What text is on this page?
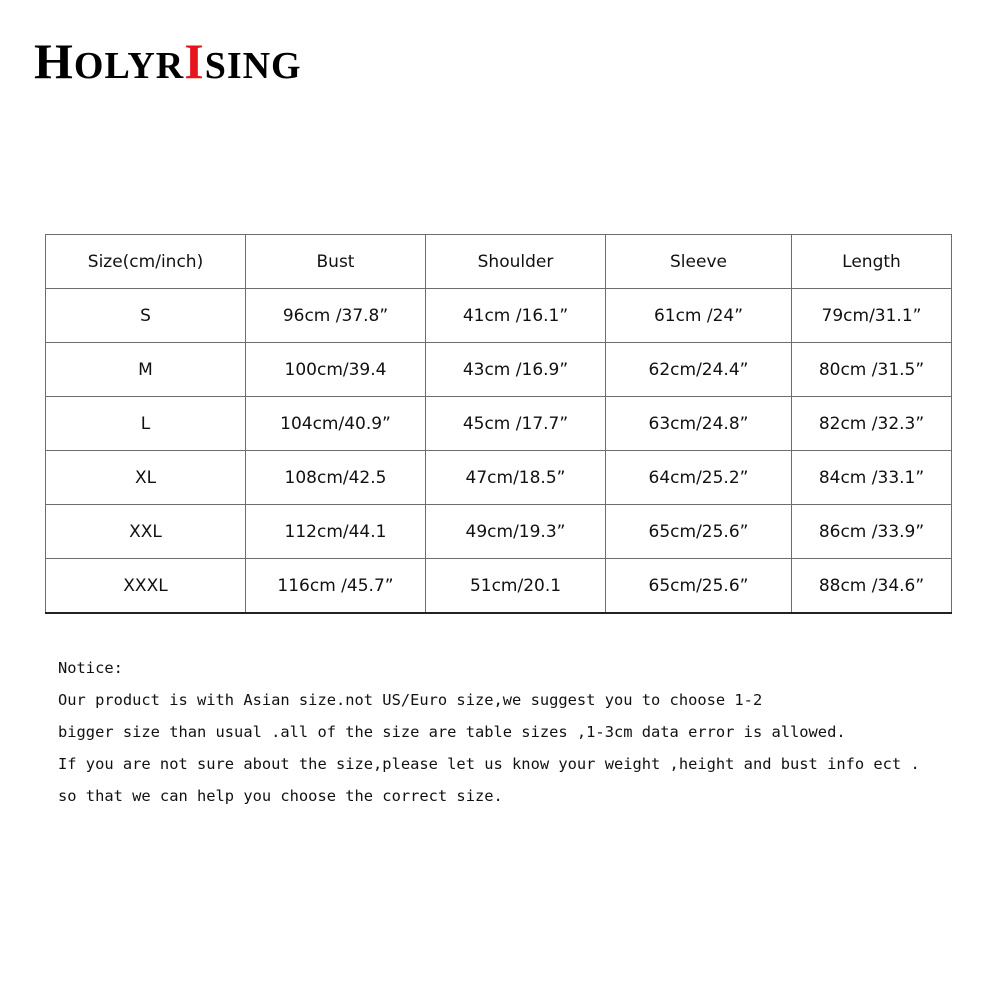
HOLYRISING
Size(cm/inch)	Bust	Shoulder	Sleeve	Length
S	96cm /37.8”	41cm /16.1”	61cm /24”	79cm/31.1”
M	100cm/39.4	43cm /16.9”	62cm/24.4”	80cm /31.5”
L	104cm/40.9”	45cm /17.7”	63cm/24.8”	82cm /32.3”
XL	108cm/42.5	47cm/18.5”	64cm/25.2”	84cm /33.1”
XXL	112cm/44.1	49cm/19.3”	65cm/25.6”	86cm /33.9”
XXXL	116cm /45.7”	51cm/20.1	65cm/25.6”	88cm /34.6”
Notice:
Our product is with Asian size.not US/Euro size,we suggest you to choose 1-2
bigger size than usual .all of the size are table sizes ,1-3cm data error is allowed.
If you are not sure about the size,please let us know your weight ,height and bust info ect .
so that we can help you choose the correct size.
